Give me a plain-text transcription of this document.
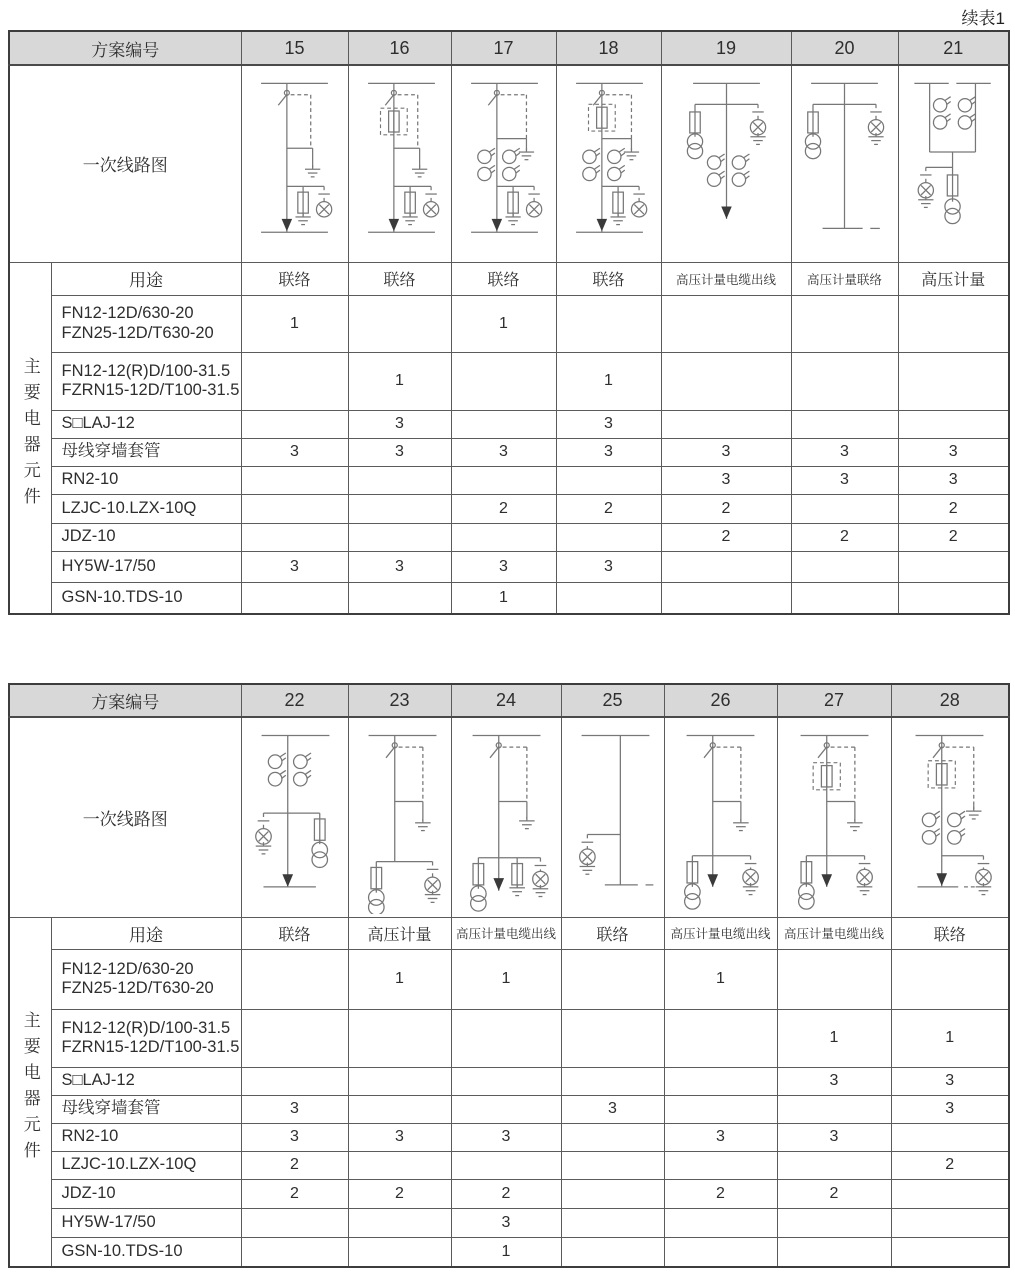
续表1
方案编号		15	16	17	18	19	20	21
一次线路图	

主要电器元件	用途	联络	联络	联络	联络	高压计量电缆出线	高压计量联络	高压计量

	FN12-12D/630-20
FZN25-12D/T630-20	1		1				

	FN12-12(R)D/100-31.5
FZRN15-12D/T100-31.5		1		1			

	S□LAJ-12		3		3			

	母线穿墙套管	3	3	3	3	3	3	3

	RN2-10					3	3	3

	LZJC-10.LZX-10Q			2	2	2		2

	JDZ-10					2	2	2

	HY5W-17/50	3	3	3	3			

	GSN-10.TDS-10			1				
方案编号		22	23	24	25	26	27	28
一次线路图	

主要电器元件	用途	联络	高压计量	高压计量电缆出线	联络	高压计量电缆出线	高压计量电缆出线	联络

	FN12-12D/630-20
FZN25-12D/T630-20		1	1		1		

	FN12-12(R)D/100-31.5
FZRN15-12D/T100-31.5						1	1

	S□LAJ-12						3	3

	母线穿墙套管	3			3			3

	RN2-10	3	3	3		3	3	

	LZJC-10.LZX-10Q	2						2

	JDZ-10	2	2	2		2	2	

	HY5W-17/50			3				

	GSN-10.TDS-10			1				
